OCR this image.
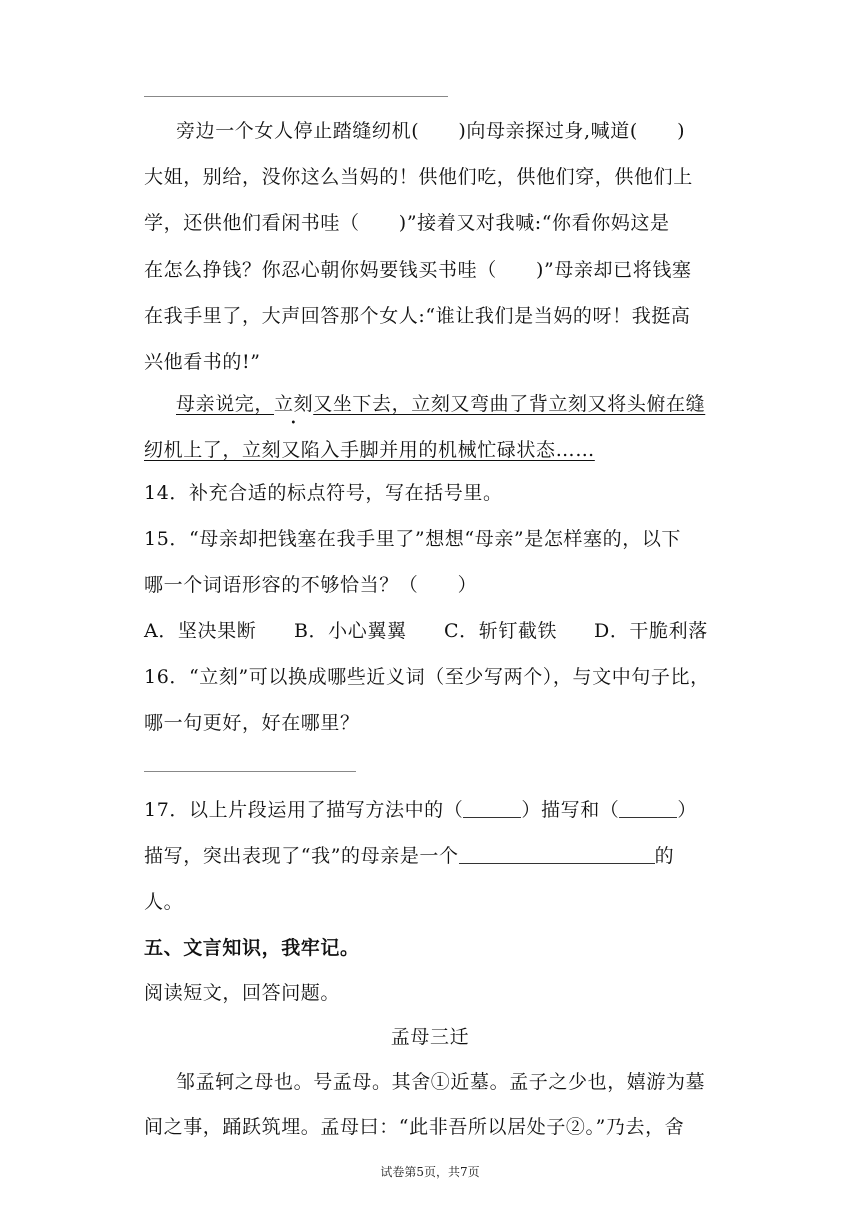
旁边一个女人停止踏缝纫机(　　)向母亲探过身,喊道(　　)
大姐，别给，没你这么当妈的！供他们吃，供他们穿，供他们上
学，还供他们看闲书哇（　　)”接着又对我喊:“你看你妈这是
在怎么挣钱？你忍心朝你妈要钱买书哇（　　)”母亲却已将钱塞
在我手里了，大声回答那个女人:“谁让我们是当妈的呀！我挺高
兴他看书的!”
母亲说完，立刻又坐下去，立刻又弯曲了背立刻又将头俯在缝
纫机上了，立刻又陷入手脚并用的机械忙碌状态……
14．补充合适的标点符号，写在括号里。
15．“母亲却把钱塞在我手里了”想想“母亲”是怎样塞的，以下
哪一个词语形容的不够恰当？（　　）
A．坚决果断 B．小心翼翼 C．斩钉截铁 D．干脆利落
16．“立刻”可以换成哪些近义词（至少写两个），与文中句子比，
哪一句更好，好在哪里？
17．以上片段运用了描写方法中的（	）描写和（	）
描写，突出表现了“我”的母亲是一个	的
人。
五、文言知识，我牢记。
阅读短文，回答问题。
孟母三迁
邹孟轲之母也。号孟母。其舍①近墓。孟子之少也，嬉游为墓
间之事，踊跃筑埋。孟母曰：“此非吾所以居处子②。”乃去，舍
试卷第5页，共7页
